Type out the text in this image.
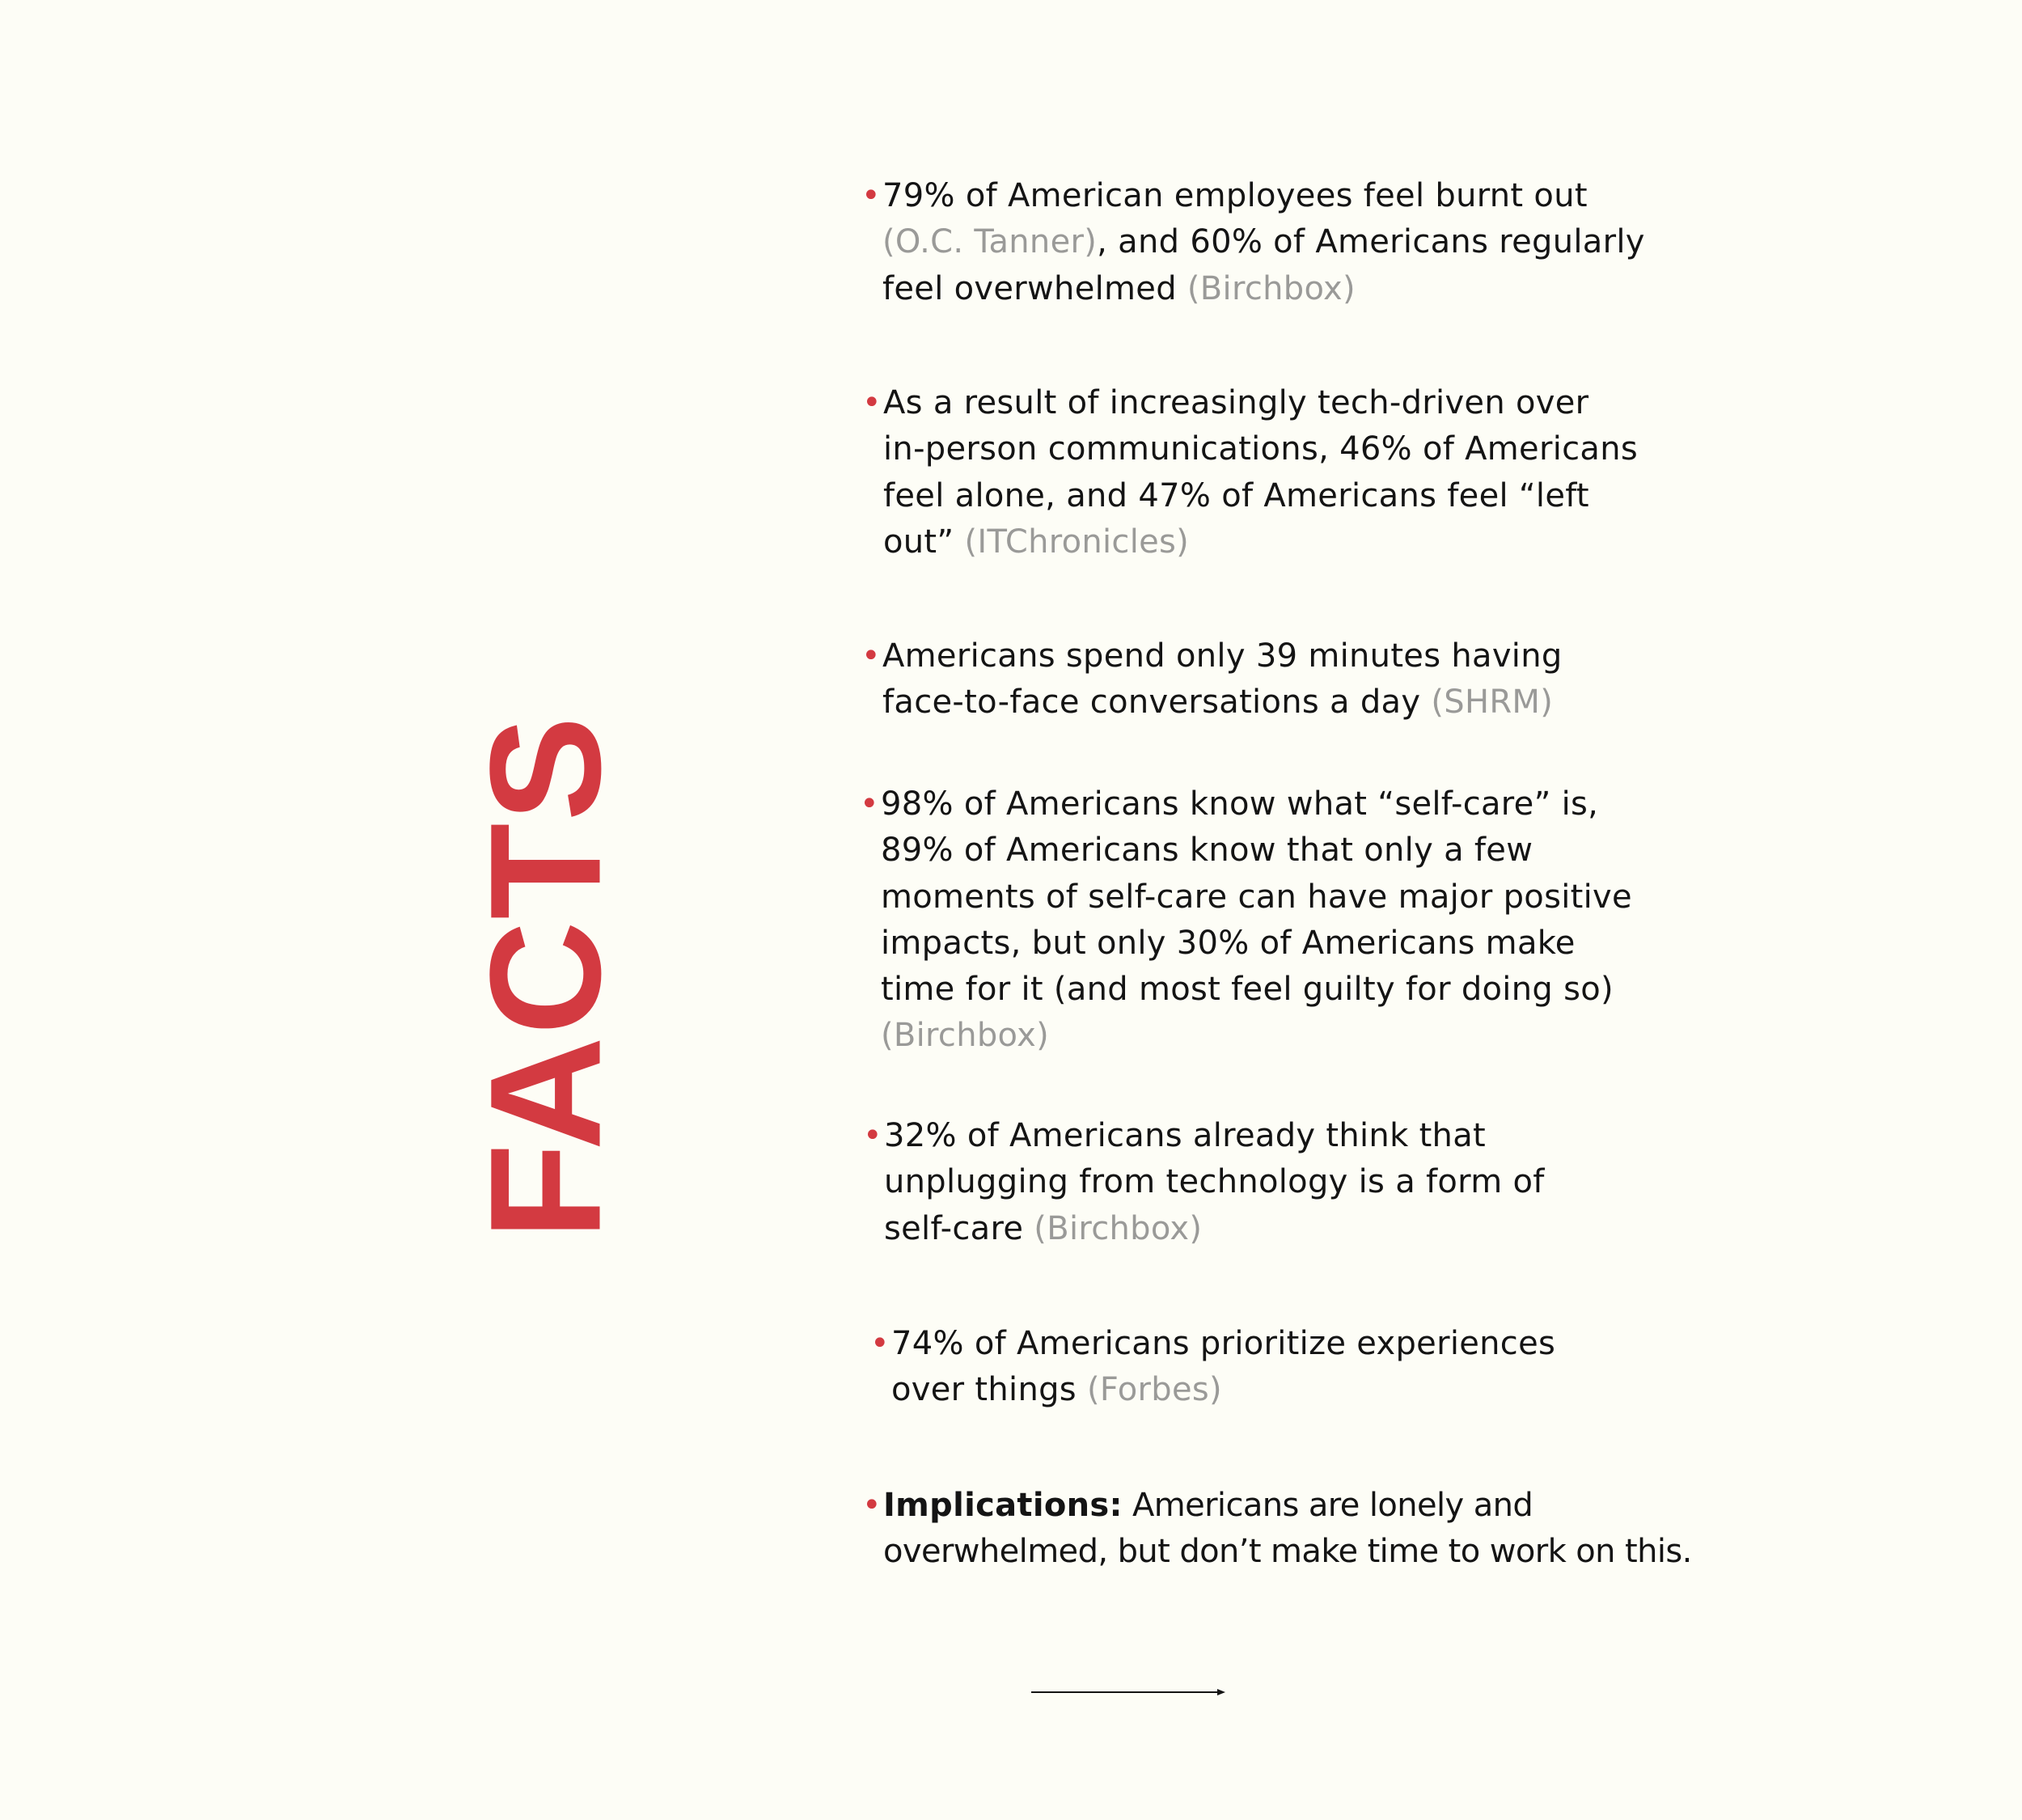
FACTS
• 79% of American employees feel burnt out
(O.C. Tanner), and 60% of Americans regularly
feel overwhelmed (Birchbox)
• As a result of increasingly tech-driven over
in-person communications, 46% of Americans
feel alone, and 47% of Americans feel “left
out” (ITChronicles)
• Americans spend only 39 minutes having
face-to-face conversations a day (SHRM)
• 98% of Americans know what “self-care” is,
89% of Americans know that only a few
moments of self-care can have major positive
impacts, but only 30% of Americans make
time for it (and most feel guilty for doing so)
(Birchbox)
• 32% of Americans already think that
unplugging from technology is a form of
self-care (Birchbox)
• 74% of Americans prioritize experiences
over things (Forbes)
• Implications: Americans are lonely and
overwhelmed, but don’t make time to work on this.
